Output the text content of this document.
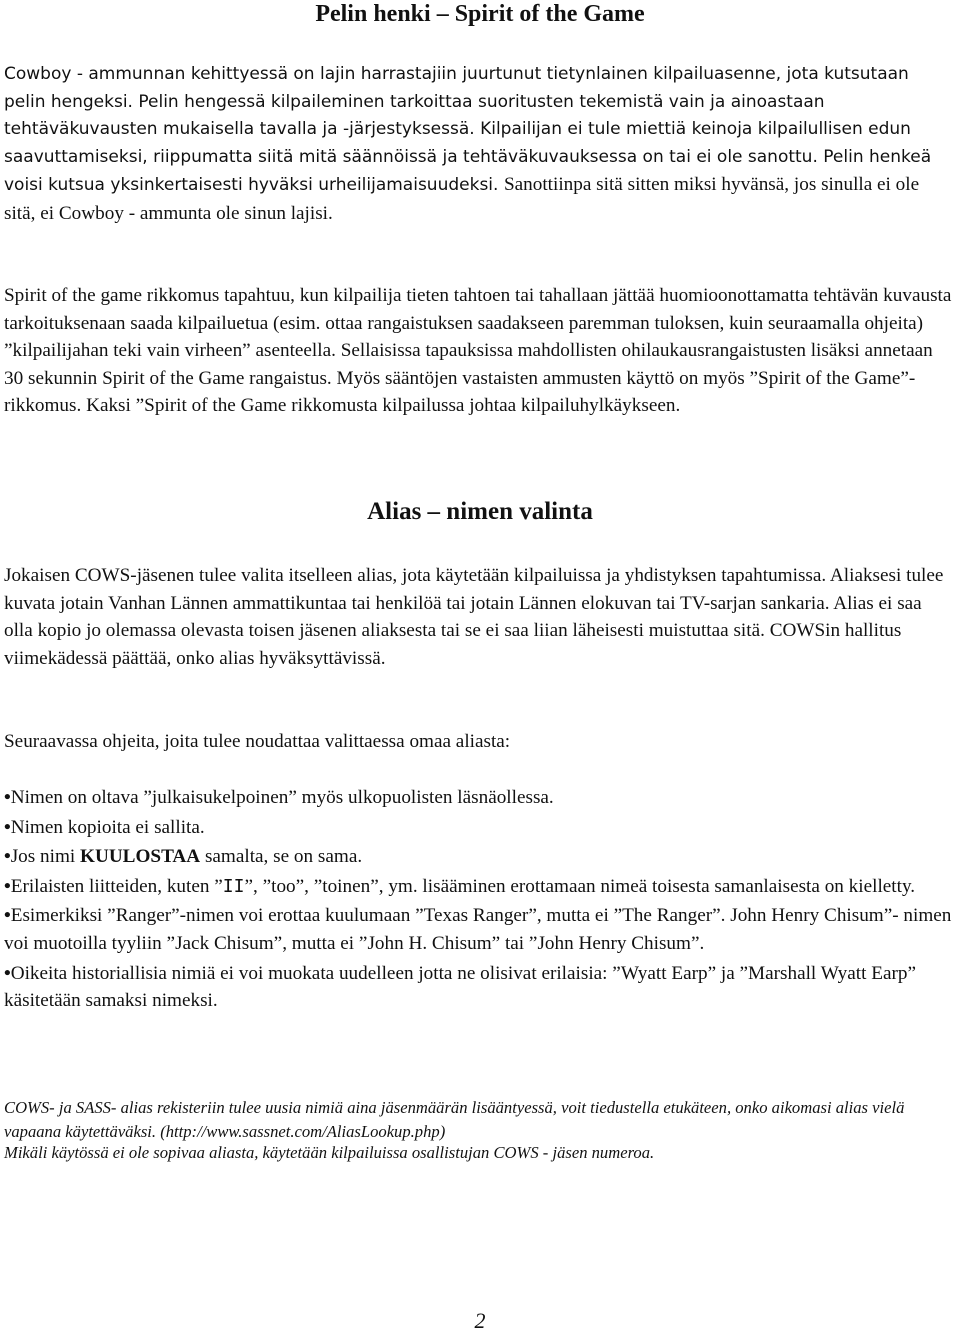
Pelin henki – Spirit of the Game

Cowboy - ammunnan kehittyessä on lajin harrastajiin juurtunut tietynlainen kilpailuasenne, jota kutsutaan pelin hengeksi. Pelin hengessä kilpaileminen tarkoittaa suoritusten tekemistä vain ja ainoastaan tehtäväkuvausten mukaisella tavalla ja -järjestyksessä. Kilpailijan ei tule miettiä keinoja kilpailullisen edun saavuttamiseksi, riippumatta siitä mitä säännöissä ja tehtäväkuvauksessa on tai ei ole sanottu. Pelin henkeä voisi kutsua yksinkertaisesti hyväksi urheilijamaisuudeksi. Sanottiinpa sitä sitten miksi hyvänsä, jos sinulla ei ole sitä, ei Cowboy - ammunta ole sinun lajisi.

Spirit of the game rikkomus tapahtuu, kun kilpailija tieten tahtoen tai tahallaan jättää huomioonottamatta tehtävän kuvausta tarkoituksenaan saada kilpailuetua (esim. ottaa rangaistuksen saadakseen paremman tuloksen, kuin seuraamalla ohjeita) ”kilpailijahan teki vain virheen” asenteella. Sellaisissa tapauksissa mahdollisten ohilaukausrangaistusten lisäksi annetaan 30 sekunnin Spirit of the Game rangaistus. Myös sääntöjen vastaisten ammusten käyttö on myös ”Spirit of the Game”-rikkomus. Kaksi ”Spirit of the Game rikkomusta kilpailussa johtaa kilpailuhylkäykseen.

Alias – nimen valinta

Jokaisen COWS-jäsenen tulee valita itselleen alias, jota käytetään kilpailuissa ja yhdistyksen tapahtumissa. Aliaksesi tulee kuvata jotain Vanhan Lännen ammattikuntaa tai henkilöä tai jotain Lännen elokuvan tai TV-sarjan sankaria. Alias ei saa olla kopio jo olemassa olevasta toisen jäsenen aliaksesta tai se ei saa liian läheisesti muistuttaa sitä. COWSin hallitus viimekädessä päättää, onko alias hyväksyttävissä.

Seuraavassa ohjeita, joita tulee noudattaa valittaessa omaa aliasta:

•Nimen on oltava ”julkaisukelpoinen” myös ulkopuolisten läsnäollessa.
•Nimen kopioita ei sallita.
•Jos nimi KUULOSTAA samalta, se on sama.
•Erilaisten liitteiden, kuten ”II”, ”too”, ”toinen”, ym. lisääminen erottamaan nimeä toisesta samanlaisesta on kielletty.
•Esimerkiksi ”Ranger”-nimen voi erottaa kuulumaan ”Texas Ranger”, mutta ei ”The Ranger”. John Henry Chisum”- nimen voi muotoilla tyyliin ”Jack Chisum”, mutta ei ”John H. Chisum” tai ”John Henry Chisum”.
•Oikeita historiallisia nimiä ei voi muokata uudelleen jotta ne olisivat erilaisia: ”Wyatt Earp” ja ”Marshall Wyatt Earp” käsitetään samaksi nimeksi.

COWS- ja SASS- alias rekisteriin tulee uusia nimiä aina jäsenmäärän lisääntyessä, voit tiedustella etukäteen, onko aikomasi alias vielä vapaana käytettäväksi. (http://www.sassnet.com/AliasLookup.php)

Mikäli käytössä ei ole sopivaa aliasta, käytetään kilpailuissa osallistujan COWS - jäsen numeroa.

2
